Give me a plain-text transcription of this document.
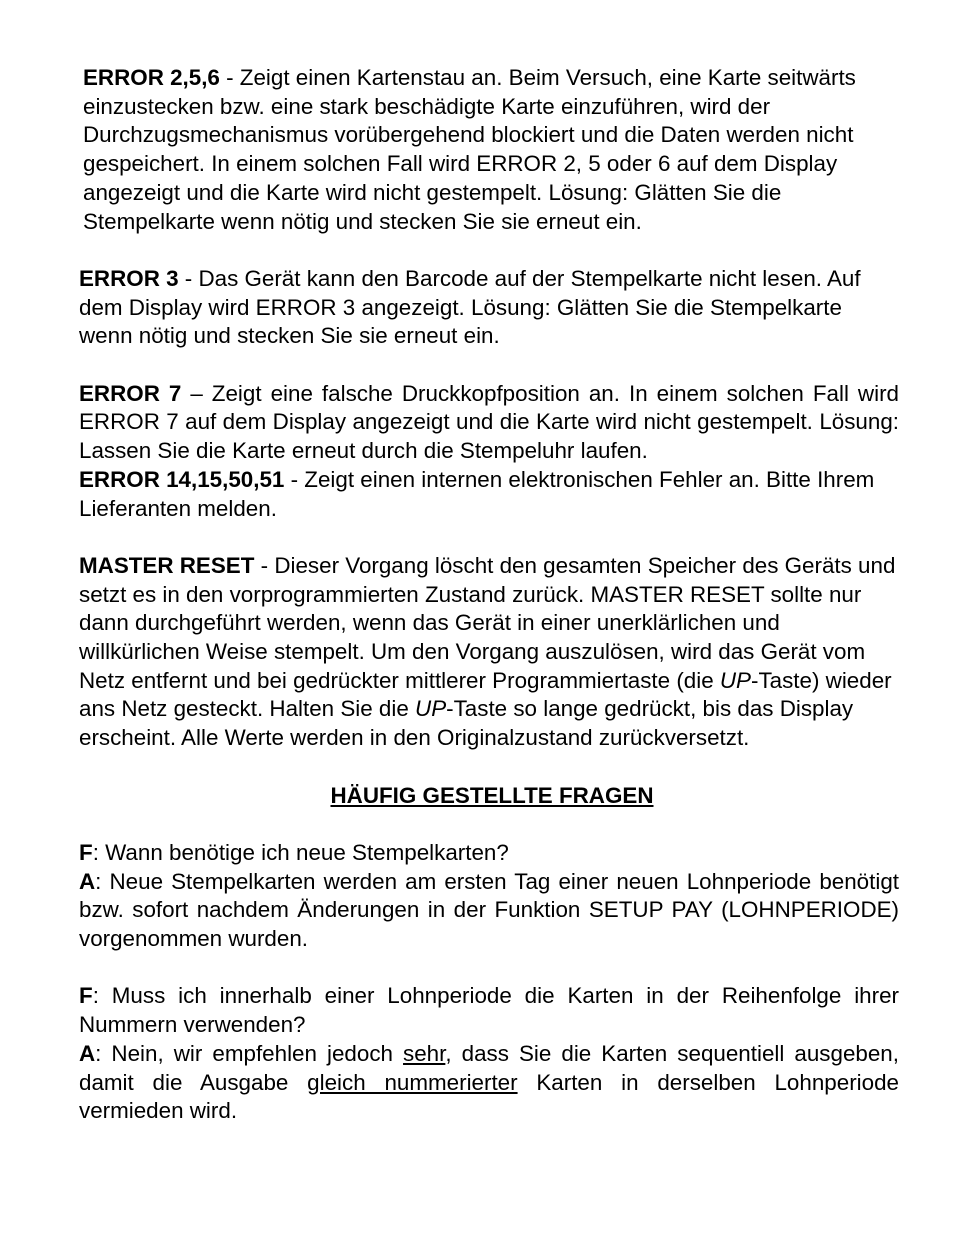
ERROR 2,5,6 - Zeigt einen Kartenstau an. Beim Versuch, eine Karte seitwärts einzustecken bzw. eine stark beschädigte Karte einzuführen, wird der Durchzugsmechanismus vorübergehend blockiert und die Daten werden nicht gespeichert. In einem solchen Fall wird ERROR 2, 5 oder 6 auf dem Display angezeigt und die Karte wird nicht gestempelt. Lösung: Glätten Sie die Stempelkarte wenn nötig und stecken Sie sie erneut ein.

ERROR 3 - Das Gerät kann den Barcode auf der Stempelkarte nicht lesen. Auf dem Display wird ERROR 3 angezeigt. Lösung: Glätten Sie die Stempelkarte wenn nötig und stecken Sie sie erneut ein.

ERROR 7 – Zeigt eine falsche Druckkopfposition an. In einem solchen Fall wird ERROR 7 auf dem Display angezeigt und die Karte wird nicht gestempelt. Lösung: Lassen Sie die Karte erneut durch die Stempeluhr laufen.

ERROR 14,15,50,51 - Zeigt einen internen elektronischen Fehler an. Bitte Ihrem Lieferanten melden.

MASTER RESET - Dieser Vorgang löscht den gesamten Speicher des Geräts und setzt es in den vorprogrammierten Zustand zurück. MASTER RESET sollte nur dann durchgeführt werden, wenn das Gerät in einer unerklärlichen und willkürlichen Weise stempelt. Um den Vorgang auszulösen, wird das Gerät vom Netz entfernt und bei gedrückter mittlerer Programmiertaste (die UP-Taste) wieder ans Netz gesteckt. Halten Sie die UP-Taste so lange gedrückt, bis das Display erscheint. Alle Werte werden in den Originalzustand zurückversetzt.

HÄUFIG GESTELLTE FRAGEN

F: Wann benötige ich neue Stempelkarten?

A: Neue Stempelkarten werden am ersten Tag einer neuen Lohnperiode benötigt bzw. sofort nachdem Änderungen in der Funktion SETUP PAY (LOHNPERIODE) vorgenommen wurden.

F: Muss ich innerhalb einer Lohnperiode die Karten in der Reihenfolge ihrer Nummern verwenden?

A: Nein, wir empfehlen jedoch sehr, dass Sie die Karten sequentiell ausgeben, damit die Ausgabe gleich nummerierter Karten in derselben Lohnperiode vermieden wird.
